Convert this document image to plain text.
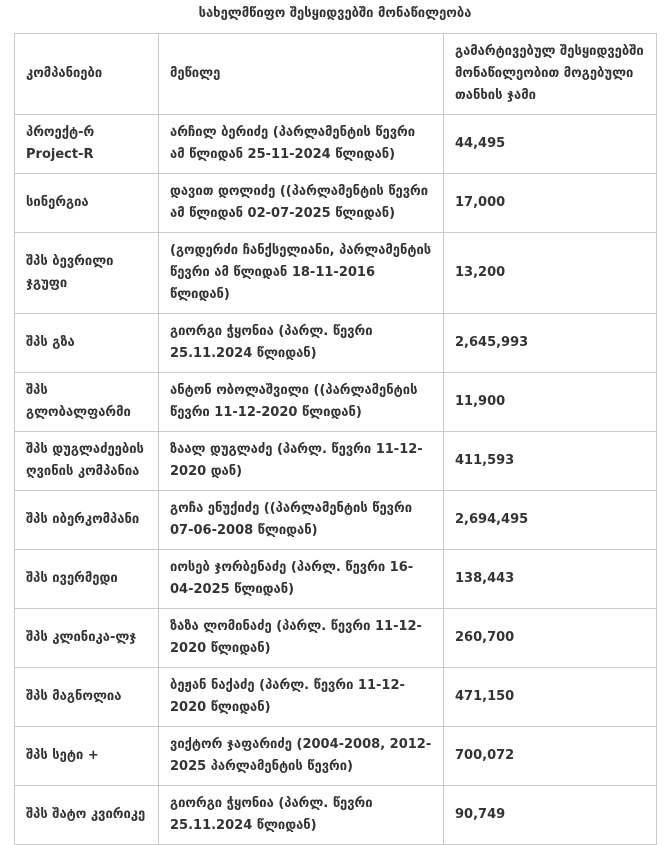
სახელმწიფო შესყიდვებში მონაწილეობა
კომპანიები	მეწილე	გამარტივებულ შესყიდვებში მონაწილეობით მოგებული თანხის ჯამი
პროექტ-რ Project-R	არჩილ ბერიძე (პარლამენტის წევრი ამ წლიდან 25-11-2024 წლიდან)	44,495
სინერგია	დავით დოლიძე ((პარლამენტის წევრი ამ წლიდან 02-07-2025 წლიდან)	17,000
შპს ბევრილი ჯგუფი	(გოდერძი ჩანქსელიანი, პარლამენტის წევრი ამ წლიდან 18-11-2016 წლიდან)	13,200
შპს გზა	გიორგი ჭყონია (პარლ. წევრი 25.11.2024 წლიდან)	2,645,993
შპს გლობალფარმი	ანტონ ობოლაშვილი ((პარლამენტის წევრი 11-12-2020 წლიდან)	11,900
შპს დუგლაძეების ღვინის კომპანია	ზაალ დუგლაძე (პარლ. წევრი 11-12-2020 დან)	411,593
შპს იბერკომპანი	გოჩა ენუქიძე ((პარლამენტის წევრი 07-06-2008 წლიდან)	2,694,495
შპს ივერმედი	იოსებ ჯორბენაძე (პარლ. წევრი 16-04-2025 წლიდან)	138,443
შპს კლინიკა-ლჯ	ზაზა ლომინაძე (პარლ. წევრი 11-12-2020 წლიდან)	260,700
შპს მაგნოლია	ბეჟან ნაქაძე (პარლ. წევრი 11-12-2020 წლიდან)	471,150
შპს სეტი +	ვიქტორ ჯაფარიძე (2004-2008, 2012-2025 პარლამენტის წევრი)	700,072
შპს შატო კვირიკე	გიორგი ჭყონია (პარლ. წევრი 25.11.2024 წლიდან)	90,749
